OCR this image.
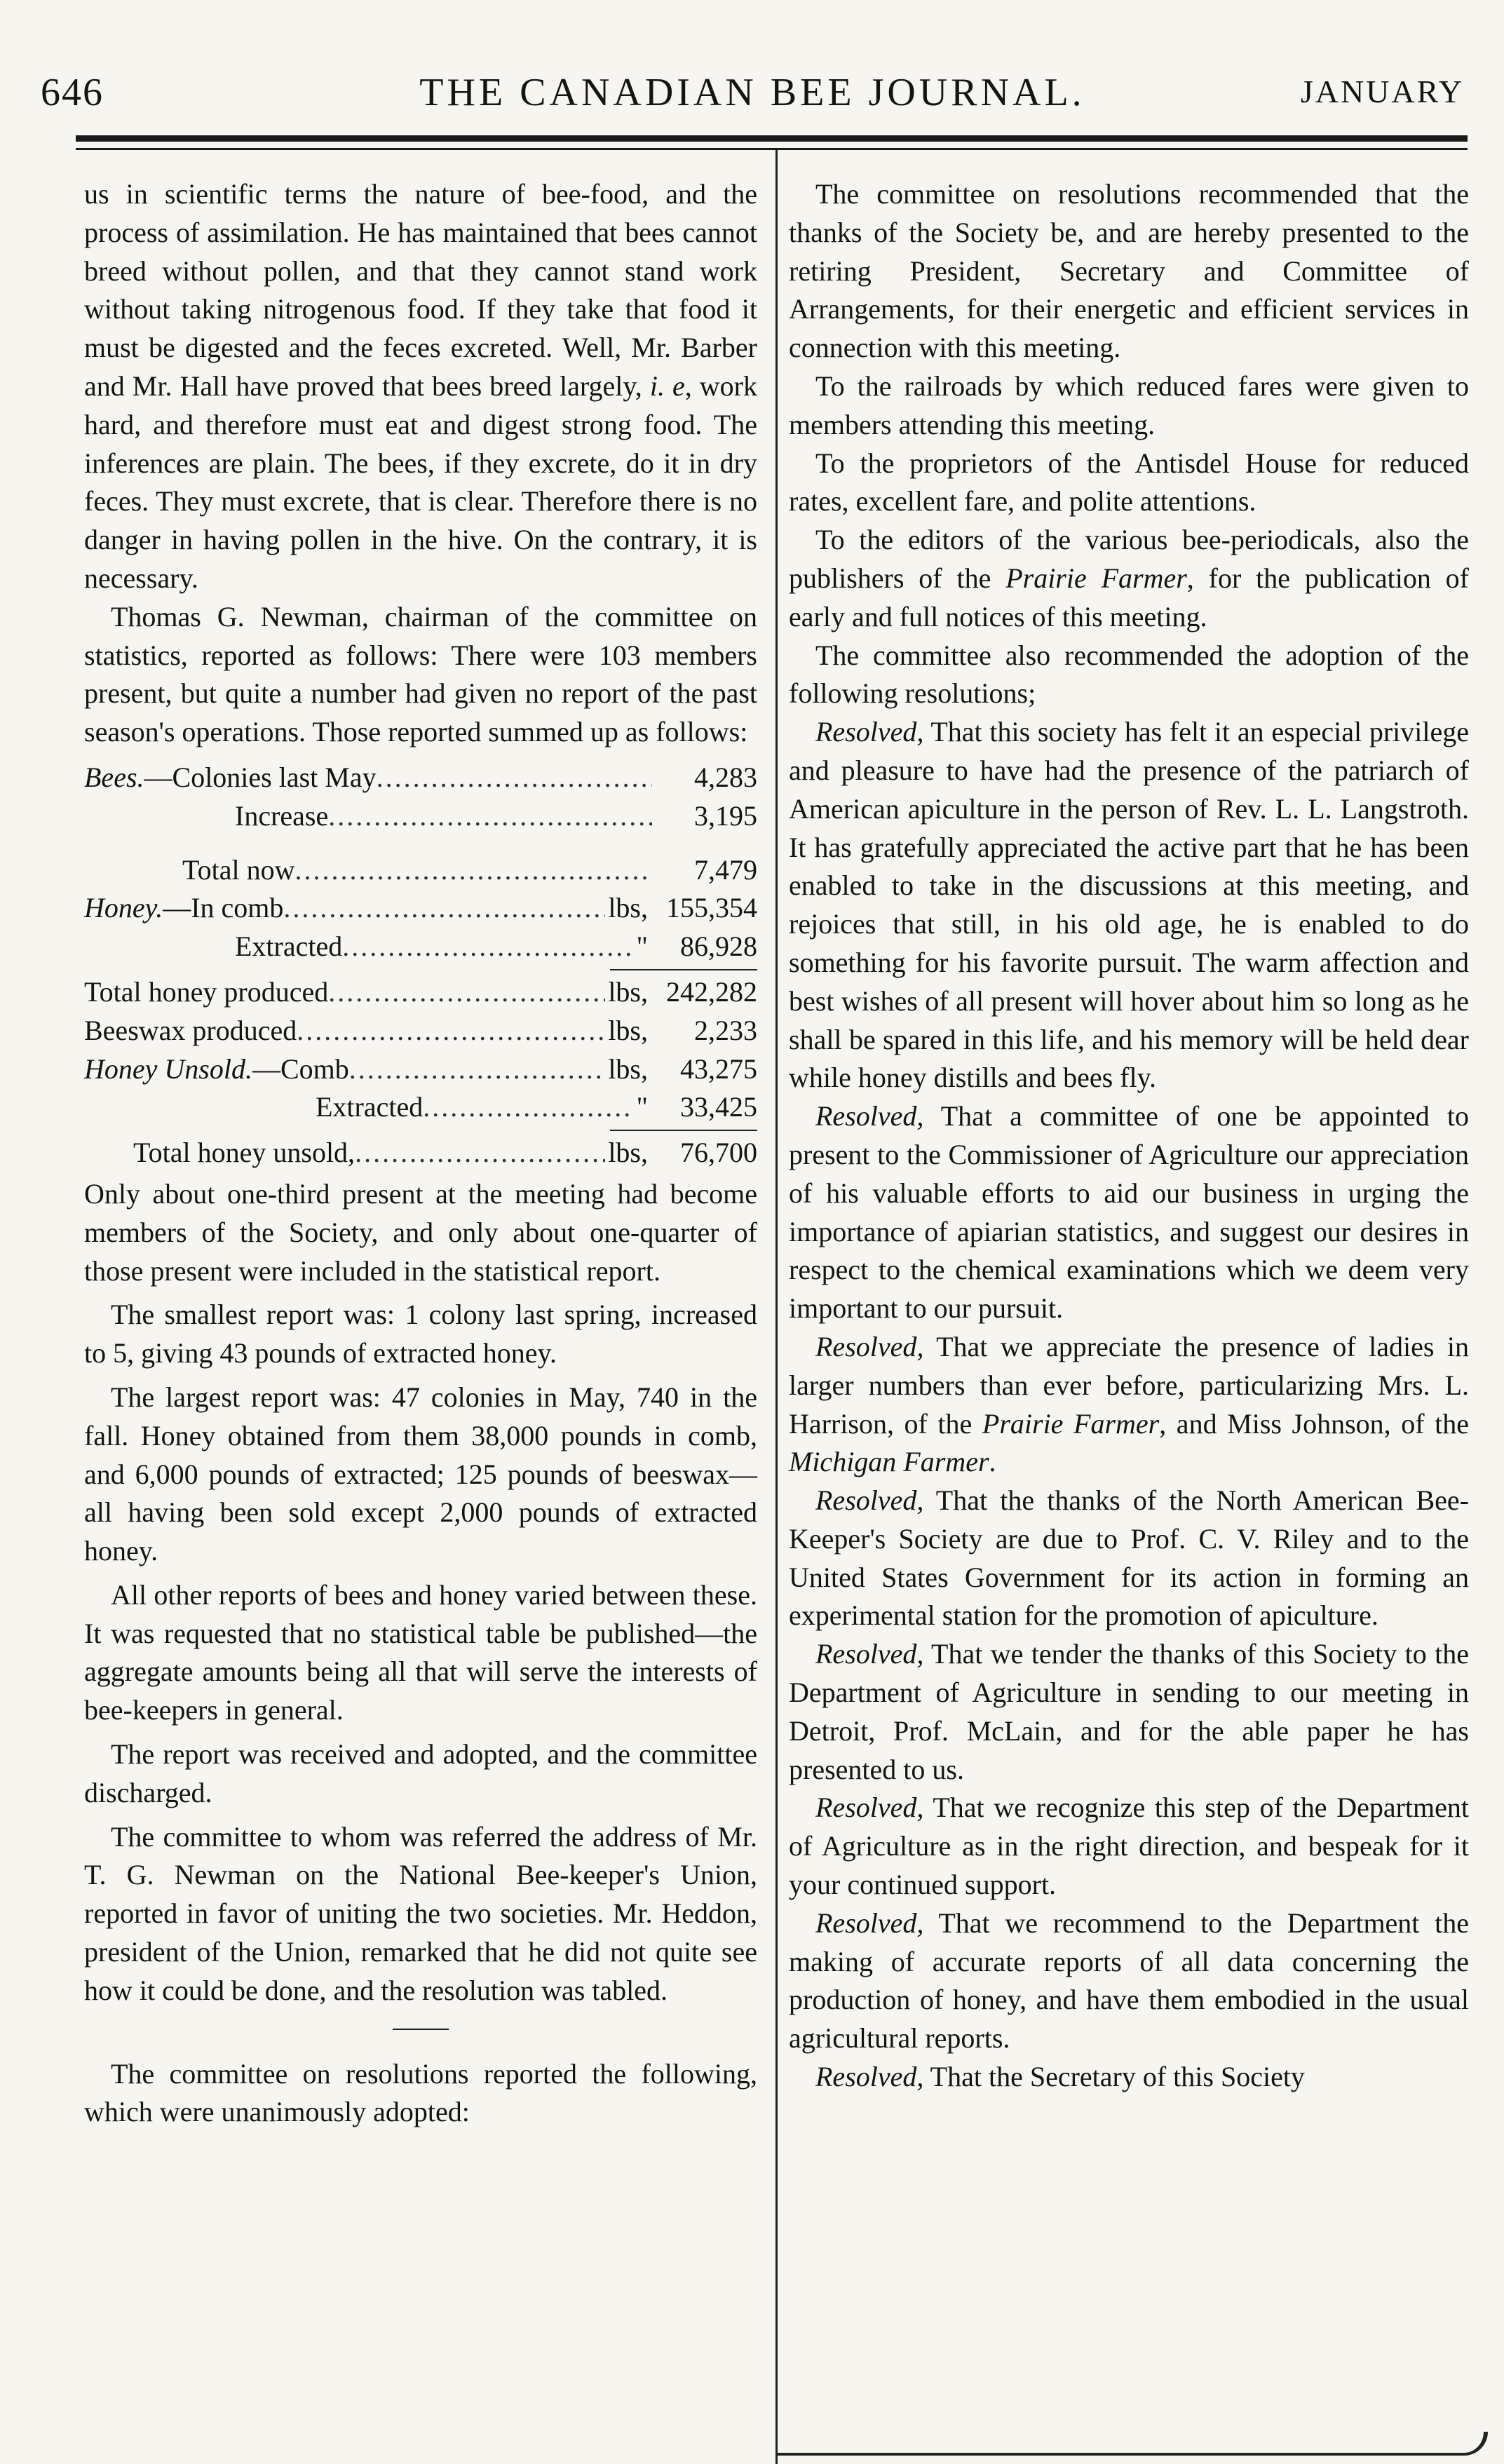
646	THE CANADIAN BEE JOURNAL.	JANUARY

us in scientific terms the nature of bee-food, and the process of assimilation. He has maintained that bees cannot breed without pollen, and that they cannot stand work without taking nitrogenous food. If they take that food it must be digested and the feces excreted. Well, Mr. Barber and Mr. Hall have proved that bees breed largely, i. e, work hard, and therefore must eat and digest strong food. The inferences are plain. The bees, if they excrete, do it in dry feces. They must excrete, that is clear. Therefore there is no danger in having pollen in the hive. On the contrary, it is necessary.

Thomas G. Newman, chairman of the committee on statistics, reported as follows: There were 103 members present, but quite a number had given no report of the past season's operations. Those reported summed up as follows:

Bees.—Colonies last May .....	4,283
Increase .....	3,195
Total now .....	7,479
Honey.—In comb .....	lbs, 155,354
Extracted .....	"	86,928
Total honey produced .....	lbs, 242,282
Beeswax produced .....	lbs,	2,233
Honey Unsold.—Comb .....	lbs,	43,275
Extracted .....	"	33,425
Total honey unsold, .....	lbs,	76,700

Only about one-third present at the meeting had become members of the Society, and only about one-quarter of those present were included in the statistical report.

The smallest report was: 1 colony last spring, increased to 5, giving 43 pounds of extracted honey.

The largest report was: 47 colonies in May, 740 in the fall. Honey obtained from them 38,000 pounds in comb, and 6,000 pounds of extracted; 125 pounds of beeswax—all having been sold except 2,000 pounds of extracted honey.

All other reports of bees and honey varied between these. It was requested that no statistical table be published—the aggregate amounts being all that will serve the interests of bee-keepers in general.

The report was received and adopted, and the committee discharged.

The committee to whom was referred the address of Mr. T. G. Newman on the National Bee-keeper's Union, reported in favor of uniting the two societies. Mr. Heddon, president of the Union, remarked that he did not quite see how it could be done, and the resolution was tabled.

The committee on resolutions reported the following, which were unanimously adopted:

The committee on resolutions recommended that the thanks of the Society be, and are hereby presented to the retiring President, Secretary and Committee of Arrangements, for their energetic and efficient services in connection with this meeting.

To the railroads by which reduced fares were given to members attending this meeting.

To the proprietors of the Antisdel House for reduced rates, excellent fare, and polite attentions.

To the editors of the various bee-periodicals, also the publishers of the Prairie Farmer, for the publication of early and full notices of this meeting.

The committee also recommended the adoption of the following resolutions;

Resolved, That this society has felt it an especial privilege and pleasure to have had the presence of the patriarch of American apiculture in the person of Rev. L. L. Langstroth. It has gratefully appreciated the active part that he has been enabled to take in the discussions at this meeting, and rejoices that still, in his old age, he is enabled to do something for his favorite pursuit. The warm affection and best wishes of all present will hover about him so long as he shall be spared in this life, and his memory will be held dear while honey distills and bees fly.

Resolved, That a committee of one be appointed to present to the Commissioner of Agriculture our appreciation of his valuable efforts to aid our business in urging the importance of apiarian statistics, and suggest our desires in respect to the chemical examinations which we deem very important to our pursuit.

Resolved, That we appreciate the presence of ladies in larger numbers than ever before, particularizing Mrs. L. Harrison, of the Prairie Farmer, and Miss Johnson, of the Michigan Farmer.

Resolved, That the thanks of the North American Bee-Keeper's Society are due to Prof. C. V. Riley and to the United States Government for its action in forming an experimental station for the promotion of apiculture.

Resolved, That we tender the thanks of this Society to the Department of Agriculture in sending to our meeting in Detroit, Prof. McLain, and for the able paper he has presented to us.

Resolved, That we recognize this step of the Department of Agriculture as in the right direction, and bespeak for it your continued support.

Resolved, That we recommend to the Department the making of accurate reports of all data concerning the production of honey, and have them embodied in the usual agricultural reports.

Resolved, That the Secretary of this Society
